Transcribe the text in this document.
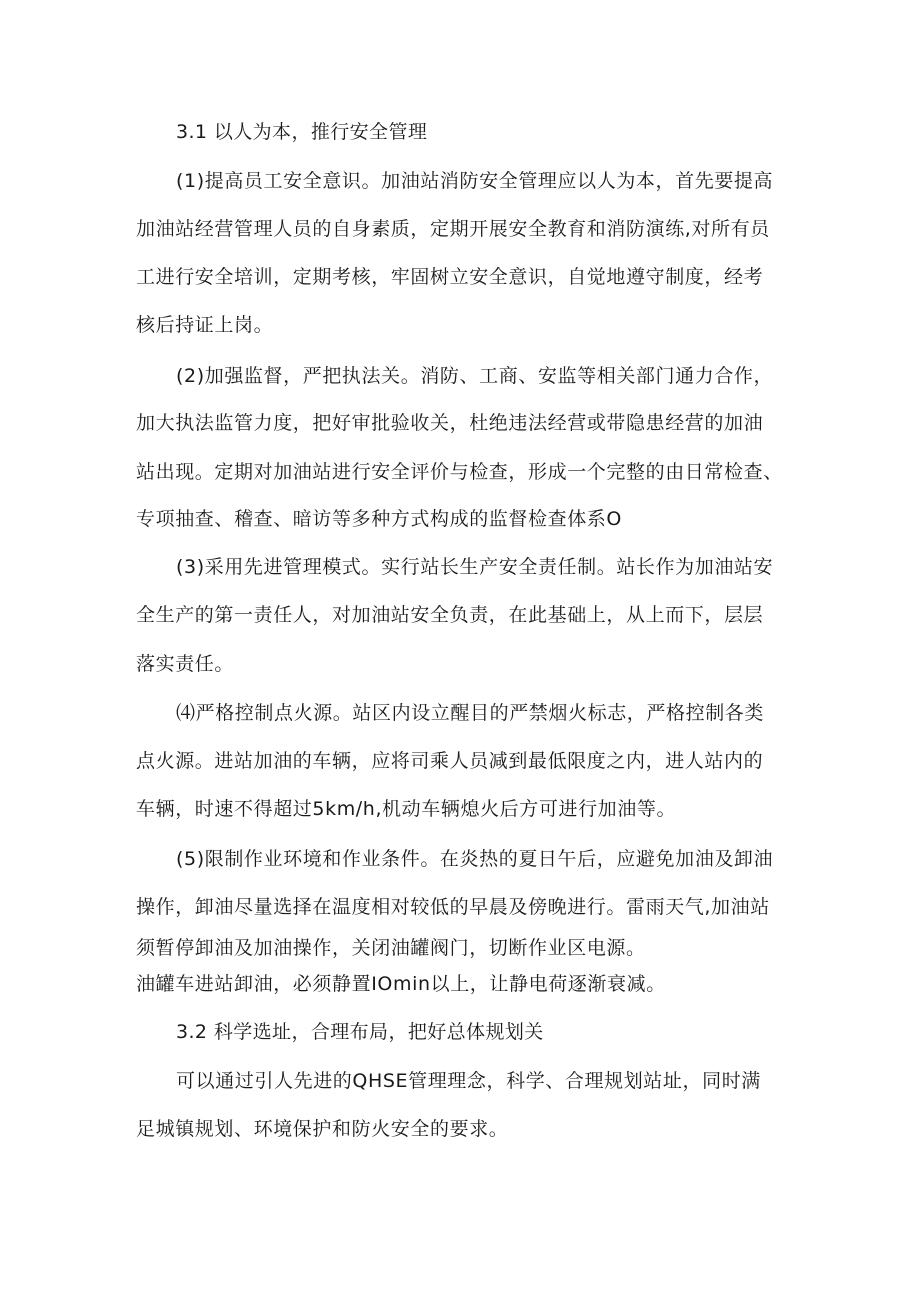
3.1 以人为本，推行安全管理
(1)提高员工安全意识。加油站消防安全管理应以人为本，首先要提高
加油站经营管理人员的自身素质，定期开展安全教育和消防演练,对所有员
工进行安全培训，定期考核，牢固树立安全意识，自觉地遵守制度，经考
核后持证上岗。
(2)加强监督，严把执法关。消防、工商、安监等相关部门通力合作，
加大执法监管力度，把好审批验收关，杜绝违法经营或带隐患经营的加油
站出现。定期对加油站进行安全评价与检查，形成一个完整的由日常检查、
专项抽查、稽查、暗访等多种方式构成的监督检查体系O
(3)采用先进管理模式。实行站长生产安全责任制。站长作为加油站安
全生产的第一责任人，对加油站安全负责，在此基础上，从上而下，层层
落实责任。
⑷严格控制点火源。站区内设立醒目的严禁烟火标志，严格控制各类
点火源。进站加油的车辆，应将司乘人员减到最低限度之内，进人站内的
车辆，时速不得超过5km∕h,机动车辆熄火后方可进行加油等。
(5)限制作业环境和作业条件。在炎热的夏日午后，应避免加油及卸油
操作，卸油尽量选择在温度相对较低的早晨及傍晚进行。雷雨天气,加油站
须暂停卸油及加油操作，关闭油罐阀门，切断作业区电源。
油罐车进站卸油，必须静置IOmin以上，让静电荷逐渐衰减。
3.2 科学选址，合理布局，把好总体规划关
可以通过引人先进的QHSE管理理念，科学、合理规划站址，同时满
足城镇规划、环境保护和防火安全的要求。
